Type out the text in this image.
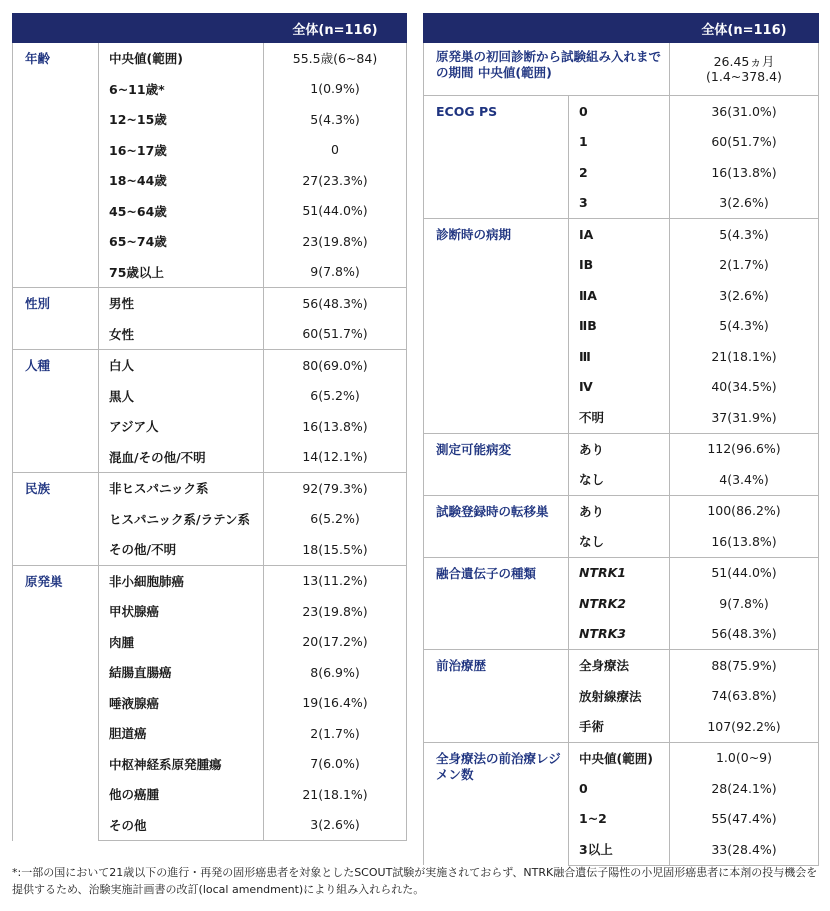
		全体(n=116)
年齢	中央値(範囲)	55.5歳(6~84)
	6~11歳*	1(0.9%)
	12~15歳	5(4.3%)
	16~17歳	0
	18~44歳	27(23.3%)
	45~64歳	51(44.0%)
	65~74歳	23(19.8%)
	75歳以上	9(7.8%)
性別	男性	56(48.3%)
	女性	60(51.7%)
人種	白人	80(69.0%)
	黒人	6(5.2%)
	アジア人	16(13.8%)
	混血/その他/不明	14(12.1%)
民族	非ヒスパニック系	92(79.3%)
	ヒスパニック系/ラテン系	6(5.2%)
	その他/不明	18(15.5%)
原発巣	非小細胞肺癌	13(11.2%)
	甲状腺癌	23(19.8%)
	肉腫	20(17.2%)
	結腸直腸癌	8(6.9%)
	唾液腺癌	19(16.4%)
	胆道癌	2(1.7%)
	中枢神経系原発腫瘍	7(6.0%)
	他の癌腫	21(18.1%)
	その他	3(2.6%)
		全体(n=116)
原発巣の初回診断から試験組み入れまでの期間 中央値(範囲)		26.45ヵ月
(1.4~378.4)
ECOG PS	0	36(31.0%)
	1	60(51.7%)
	2	16(13.8%)
	3	3(2.6%)
診断時の病期	IA	5(4.3%)
	IB	2(1.7%)
	ⅡA	3(2.6%)
	ⅡB	5(4.3%)
	Ⅲ	21(18.1%)
	Ⅳ	40(34.5%)
	不明	37(31.9%)
測定可能病変	あり	112(96.6%)
	なし	4(3.4%)
試験登録時の転移巣	あり	100(86.2%)
	なし	16(13.8%)
融合遺伝子の種類	NTRK1	51(44.0%)
	NTRK2	9(7.8%)
	NTRK3	56(48.3%)
前治療歴	全身療法	88(75.9%)
	放射線療法	74(63.8%)
	手術	107(92.2%)
全身療法の前治療レジメン数	中央値(範囲)	1.0(0~9)
	0	28(24.1%)
	1~2	55(47.4%)
	3以上	33(28.4%)
*:一部の国において21歳以下の進行・再発の固形癌患者を対象としたSCOUT試験が実施されておらず、NTRK融合遺伝子陽性の小児固形癌患者に本剤の投与機会を提供するため、治験実施計画書の改訂(local amendment)により組み入れられた。
